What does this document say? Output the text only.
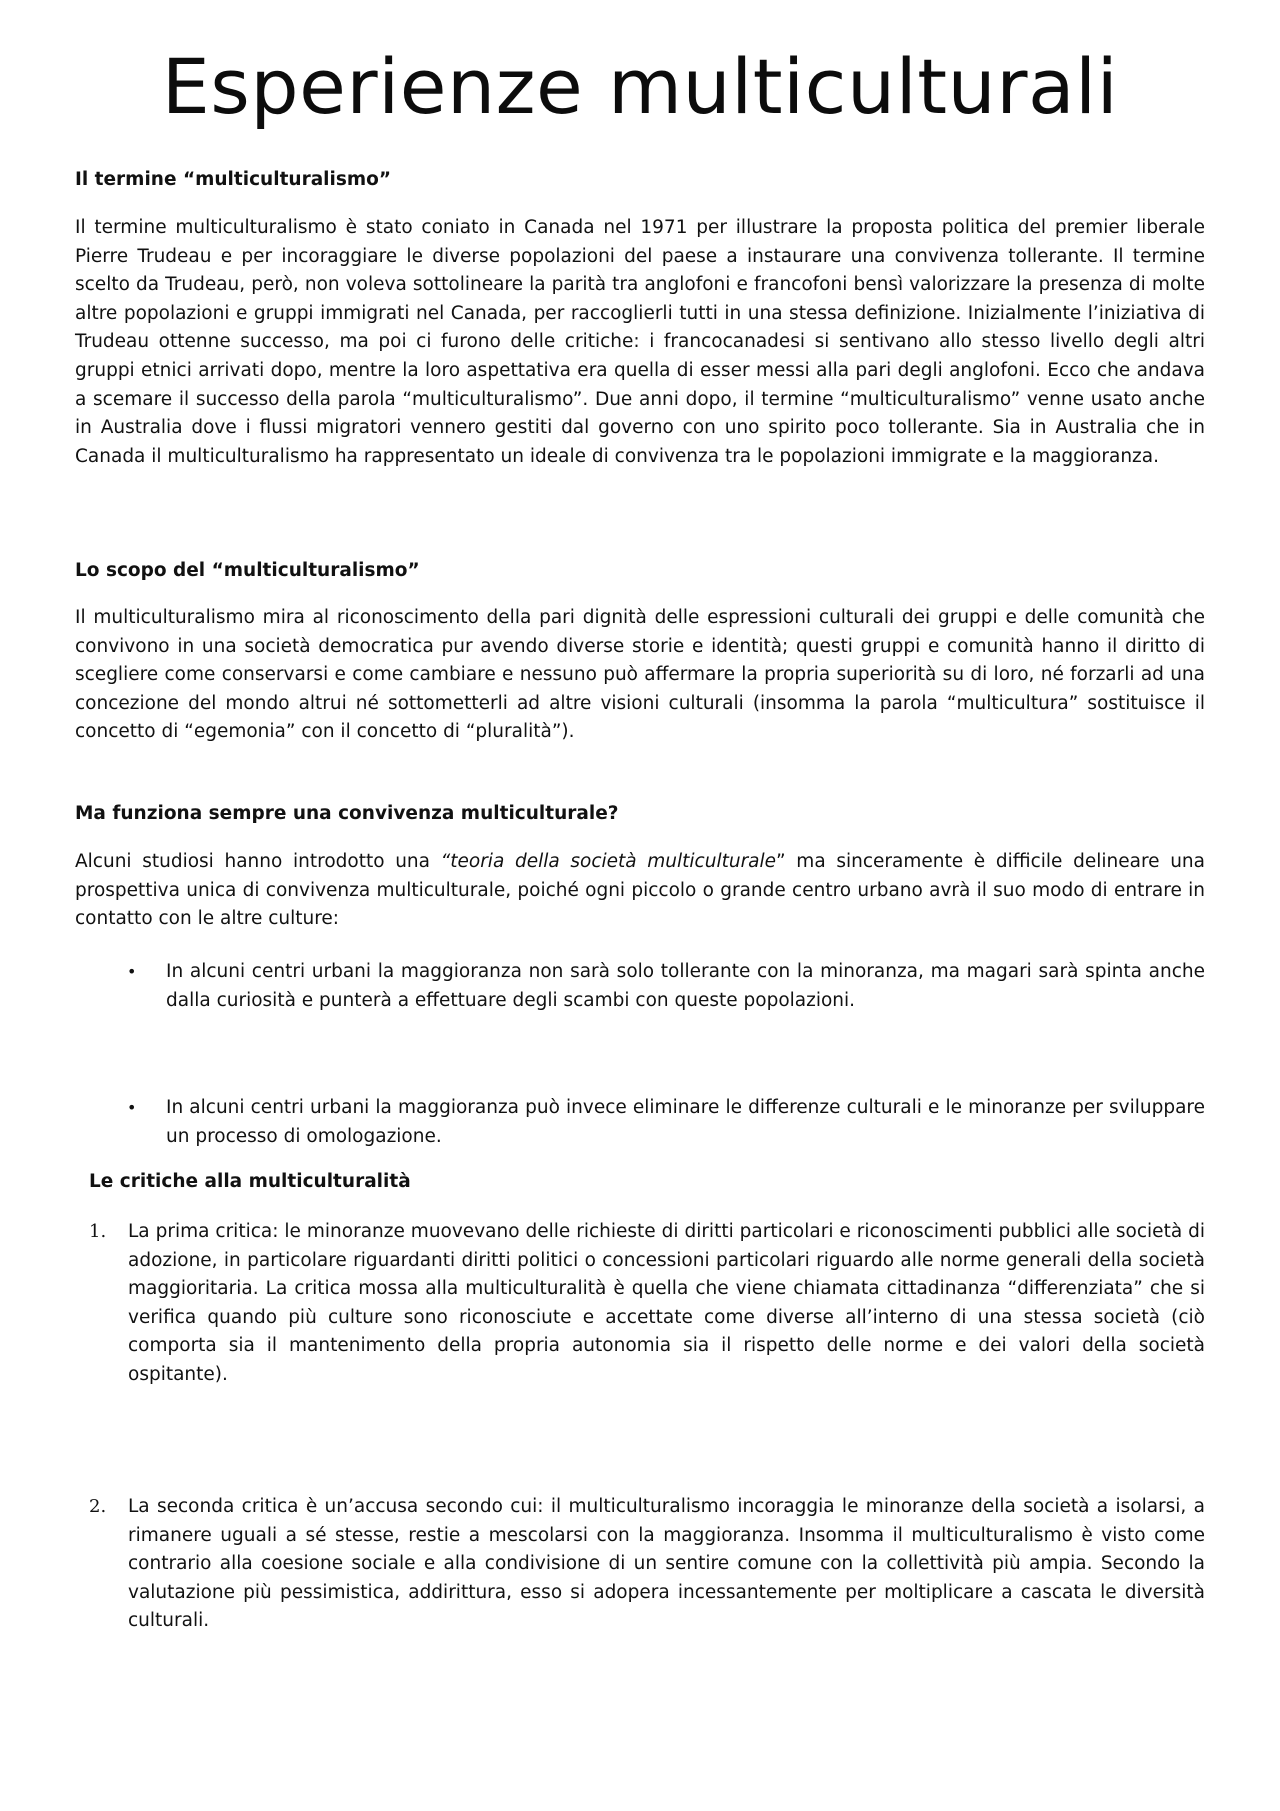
Esperienze multiculturali

Il termine “multiculturalismo”

Il termine multiculturalismo è stato coniato in Canada nel 1971 per illustrare la proposta politica del premier liberale Pierre Trudeau e per incoraggiare le diverse popolazioni del paese a instaurare una convivenza tollerante. Il termine scelto da Trudeau, però, non voleva sottolineare la parità tra anglofoni e francofoni bensì valorizzare la presenza di molte altre popolazioni e gruppi immigrati nel Canada, per raccoglierli tutti in una stessa definizione. Inizialmente l’iniziativa di Trudeau ottenne successo, ma poi ci furono delle critiche: i francocanadesi si sentivano allo stesso livello degli altri gruppi etnici arrivati dopo, mentre la loro aspettativa era quella di esser messi alla pari degli anglofoni. Ecco che andava a scemare il successo della parola “multiculturalismo”. Due anni dopo, il termine “multiculturalismo” venne usato anche in Australia dove i flussi migratori vennero gestiti dal governo con uno spirito poco tollerante. Sia in Australia che in Canada il multiculturalismo ha rappresentato un ideale di convivenza tra le popolazioni immigrate e la maggioranza.

Lo scopo del “multiculturalismo”

Il multiculturalismo mira al riconoscimento della pari dignità delle espressioni culturali dei gruppi e delle comunità che convivono in una società democratica pur avendo diverse storie e identità; questi gruppi e comunità hanno il diritto di scegliere come conservarsi e come cambiare e nessuno può affermare la propria superiorità su di loro, né forzarli ad una concezione del mondo altrui né sottometterli ad altre visioni culturali (insomma la parola “multicultura” sostituisce il concetto di “egemonia” con il concetto di “pluralità”).

Ma funziona sempre una convivenza multiculturale?

Alcuni studiosi hanno introdotto una “teoria della società multiculturale” ma sinceramente è difficile delineare una prospettiva unica di convivenza multiculturale, poiché ogni piccolo o grande centro urbano avrà il suo modo di entrare in contatto con le altre culture:

• In alcuni centri urbani la maggioranza non sarà solo tollerante con la minoranza, ma magari sarà spinta anche dalla curiosità e punterà a effettuare degli scambi con queste popolazioni.

• In alcuni centri urbani la maggioranza può invece eliminare le differenze culturali e le minoranze per sviluppare un processo di omologazione.

Le critiche alla multiculturalità

1. La prima critica: le minoranze muovevano delle richieste di diritti particolari e riconoscimenti pubblici alle società di adozione, in particolare riguardanti diritti politici o concessioni particolari riguardo alle norme generali della società maggioritaria. La critica mossa alla multiculturalità è quella che viene chiamata cittadinanza “differenziata” che si verifica quando più culture sono riconosciute e accettate come diverse all’interno di una stessa società (ciò comporta sia il mantenimento della propria autonomia sia il rispetto delle norme e dei valori della società ospitante).

2. La seconda critica è un’accusa secondo cui: il multiculturalismo incoraggia le minoranze della società a isolarsi, a rimanere uguali a sé stesse, restie a mescolarsi con la maggioranza. Insomma il multiculturalismo è visto come contrario alla coesione sociale e alla condivisione di un sentire comune con la collettività più ampia. Secondo la valutazione più pessimistica, addirittura, esso si adopera incessantemente per moltiplicare a cascata le diversità culturali.
